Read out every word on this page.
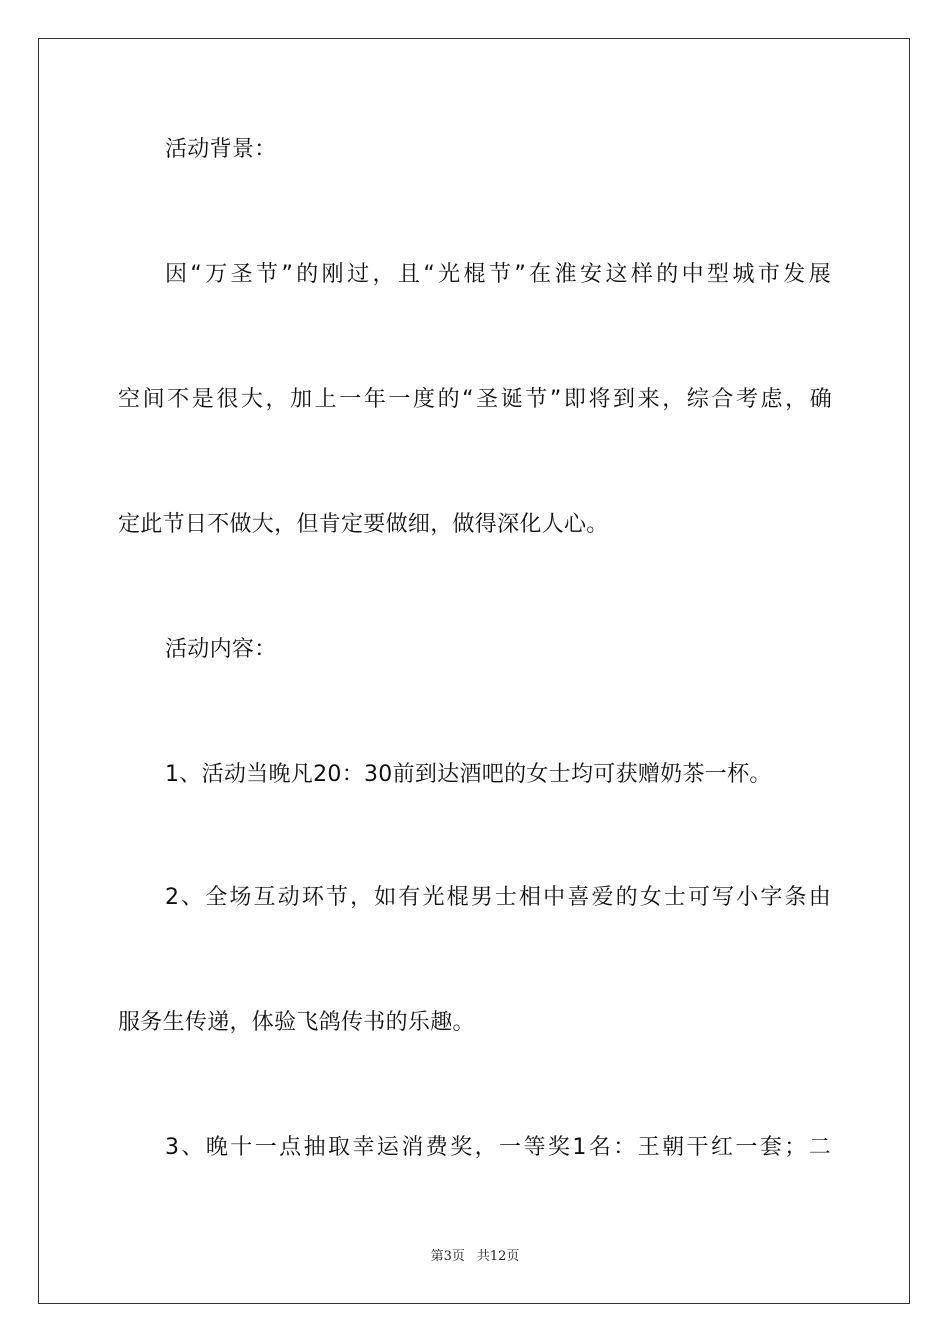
活动背景：
因“万圣节”的刚过，且“光棍节”在淮安这样的中型城市发展
空间不是很大，加上一年一度的“圣诞节”即将到来，综合考虑，确
定此节日不做大，但肯定要做细，做得深化人心。
活动内容：
1、活动当晚凡20：30前到达酒吧的女士均可获赠奶茶一杯。
2、全场互动环节，如有光棍男士相中喜爱的女士可写小字条由
服务生传递，体验飞鸽传书的乐趣。
3、晚十一点抽取幸运消费奖，一等奖1名：王朝干红一套；二
第3页 共12页
